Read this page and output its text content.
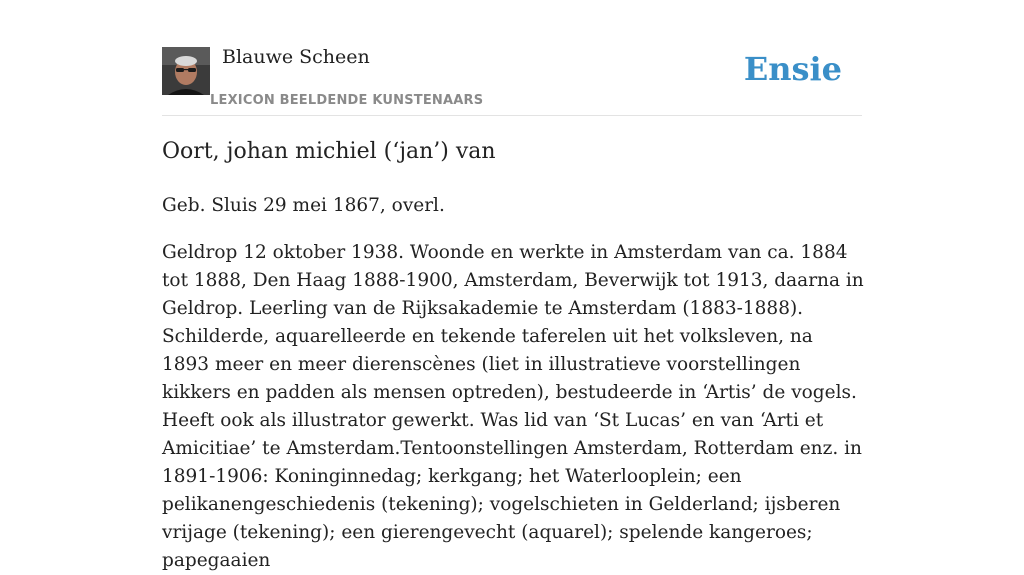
Blauwe Scheen
LEXICON BEELDENDE KUNSTENAARS
Ensie
Oort, johan michiel (‘jan’) van

Geb. Sluis 29 mei 1867, overl.

Geldrop 12 oktober 1938. Woonde en werkte in Amsterdam van ca. 1884 tot 1888, Den Haag 1888-1900, Amsterdam, Beverwijk tot 1913, daarna in Geldrop. Leerling van de Rijksakademie te Amsterdam (1883-1888). Schilderde, aquarelleerde en tekende taferelen uit het volksleven, na 1893 meer en meer dierenscènes (liet in illustratieve voorstellingen kikkers en padden als mensen optreden), bestudeerde in ‘Artis’ de vogels. Heeft ook als illustrator gewerkt. Was lid van ‘St Lucas’ en van ‘Arti et Amicitiae’ te Amsterdam.Tentoonstellingen Amsterdam, Rotterdam enz. in 1891-1906: Koninginnedag; kerkgang; het Waterlooplein; een pelikanengeschiedenis (tekening); vogelschieten in Gelderland; ijsberen vrijage (tekening); een gierengevecht (aquarel); spelende kangeroes; papegaaien
